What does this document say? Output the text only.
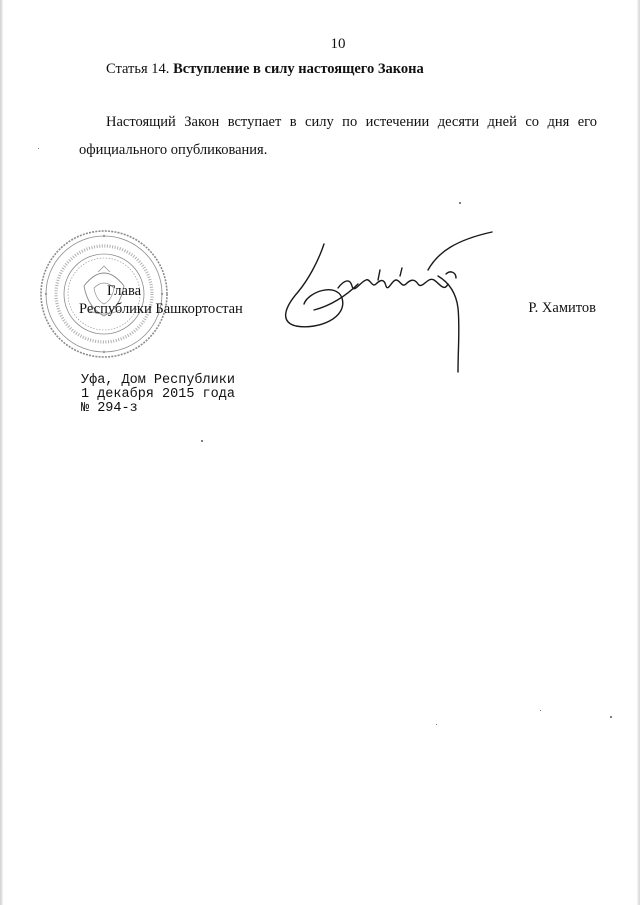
10
Статья 14. Вступление в силу настоящего Закона

Настоящий Закон вступает в силу по истечении десяти дней со дня его официального опубликования.

Глава
Республики Башкортостан	Р. Хамитов
Уфа, Дом Республики
1 декабря 2015 года
№ 294-з
